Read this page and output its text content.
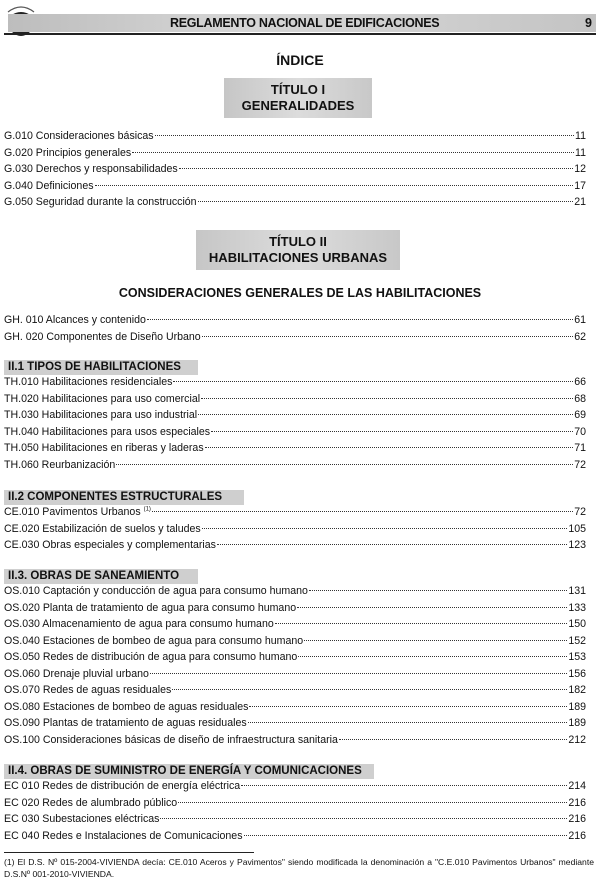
REGLAMENTO NACIONAL DE EDIFICACIONES	9
ÍNDICE
TÍTULO I
GENERALIDADES
G.010 Consideraciones básicas	11
G.020 Principios generales	11
G.030 Derechos y responsabilidades	12
G.040 Definiciones	17
G.050 Seguridad durante la construcción	21
TÍTULO II
HABILITACIONES URBANAS
CONSIDERACIONES GENERALES DE LAS HABILITACIONES
GH. 010 Alcances y contenido	61
GH. 020 Componentes de Diseño Urbano	62
II.1 TIPOS DE HABILITACIONES
TH.010 Habilitaciones residenciales	66
TH.020 Habilitaciones para uso comercial	68
TH.030 Habilitaciones para uso industrial	69
TH.040 Habilitaciones para usos especiales	70
TH.050 Habilitaciones en riberas y laderas	71
TH.060 Reurbanización	72
II.2 COMPONENTES ESTRUCTURALES
CE.010 Pavimentos Urbanos $^{(1)}$	72
CE.020 Estabilización de suelos y taludes	105
CE.030 Obras especiales y complementarias	123
II.3. OBRAS DE SANEAMIENTO
OS.010 Captación y conducción de agua para consumo humano	131
OS.020 Planta de tratamiento de agua para consumo humano	133
OS.030 Almacenamiento de agua para consumo humano	150
OS.040 Estaciones de bombeo de agua para consumo humano	152
OS.050 Redes de distribución de agua para consumo humano	153
OS.060 Drenaje pluvial urbano	156
OS.070 Redes de aguas residuales	182
OS.080 Estaciones de bombeo de aguas residuales	189
OS.090 Plantas de tratamiento de aguas residuales	189
OS.100 Consideraciones básicas de diseño de infraestructura sanitaria	212
II.4. OBRAS DE SUMINISTRO DE ENERGÍA Y COMUNICACIONES
EC 010 Redes de distribución de energía eléctrica	214
EC 020 Redes de alumbrado público	216
EC 030 Subestaciones eléctricas	216
EC 040 Redes e Instalaciones de Comunicaciones	216
(1) El D.S. Nº 015-2004-VIVIENDA decía: CE.010 Aceros y Pavimentos" siendo modificada la denominación a "C.E.010 Pavimentos Urbanos" mediante D.S.Nº 001-2010-VIVIENDA.
